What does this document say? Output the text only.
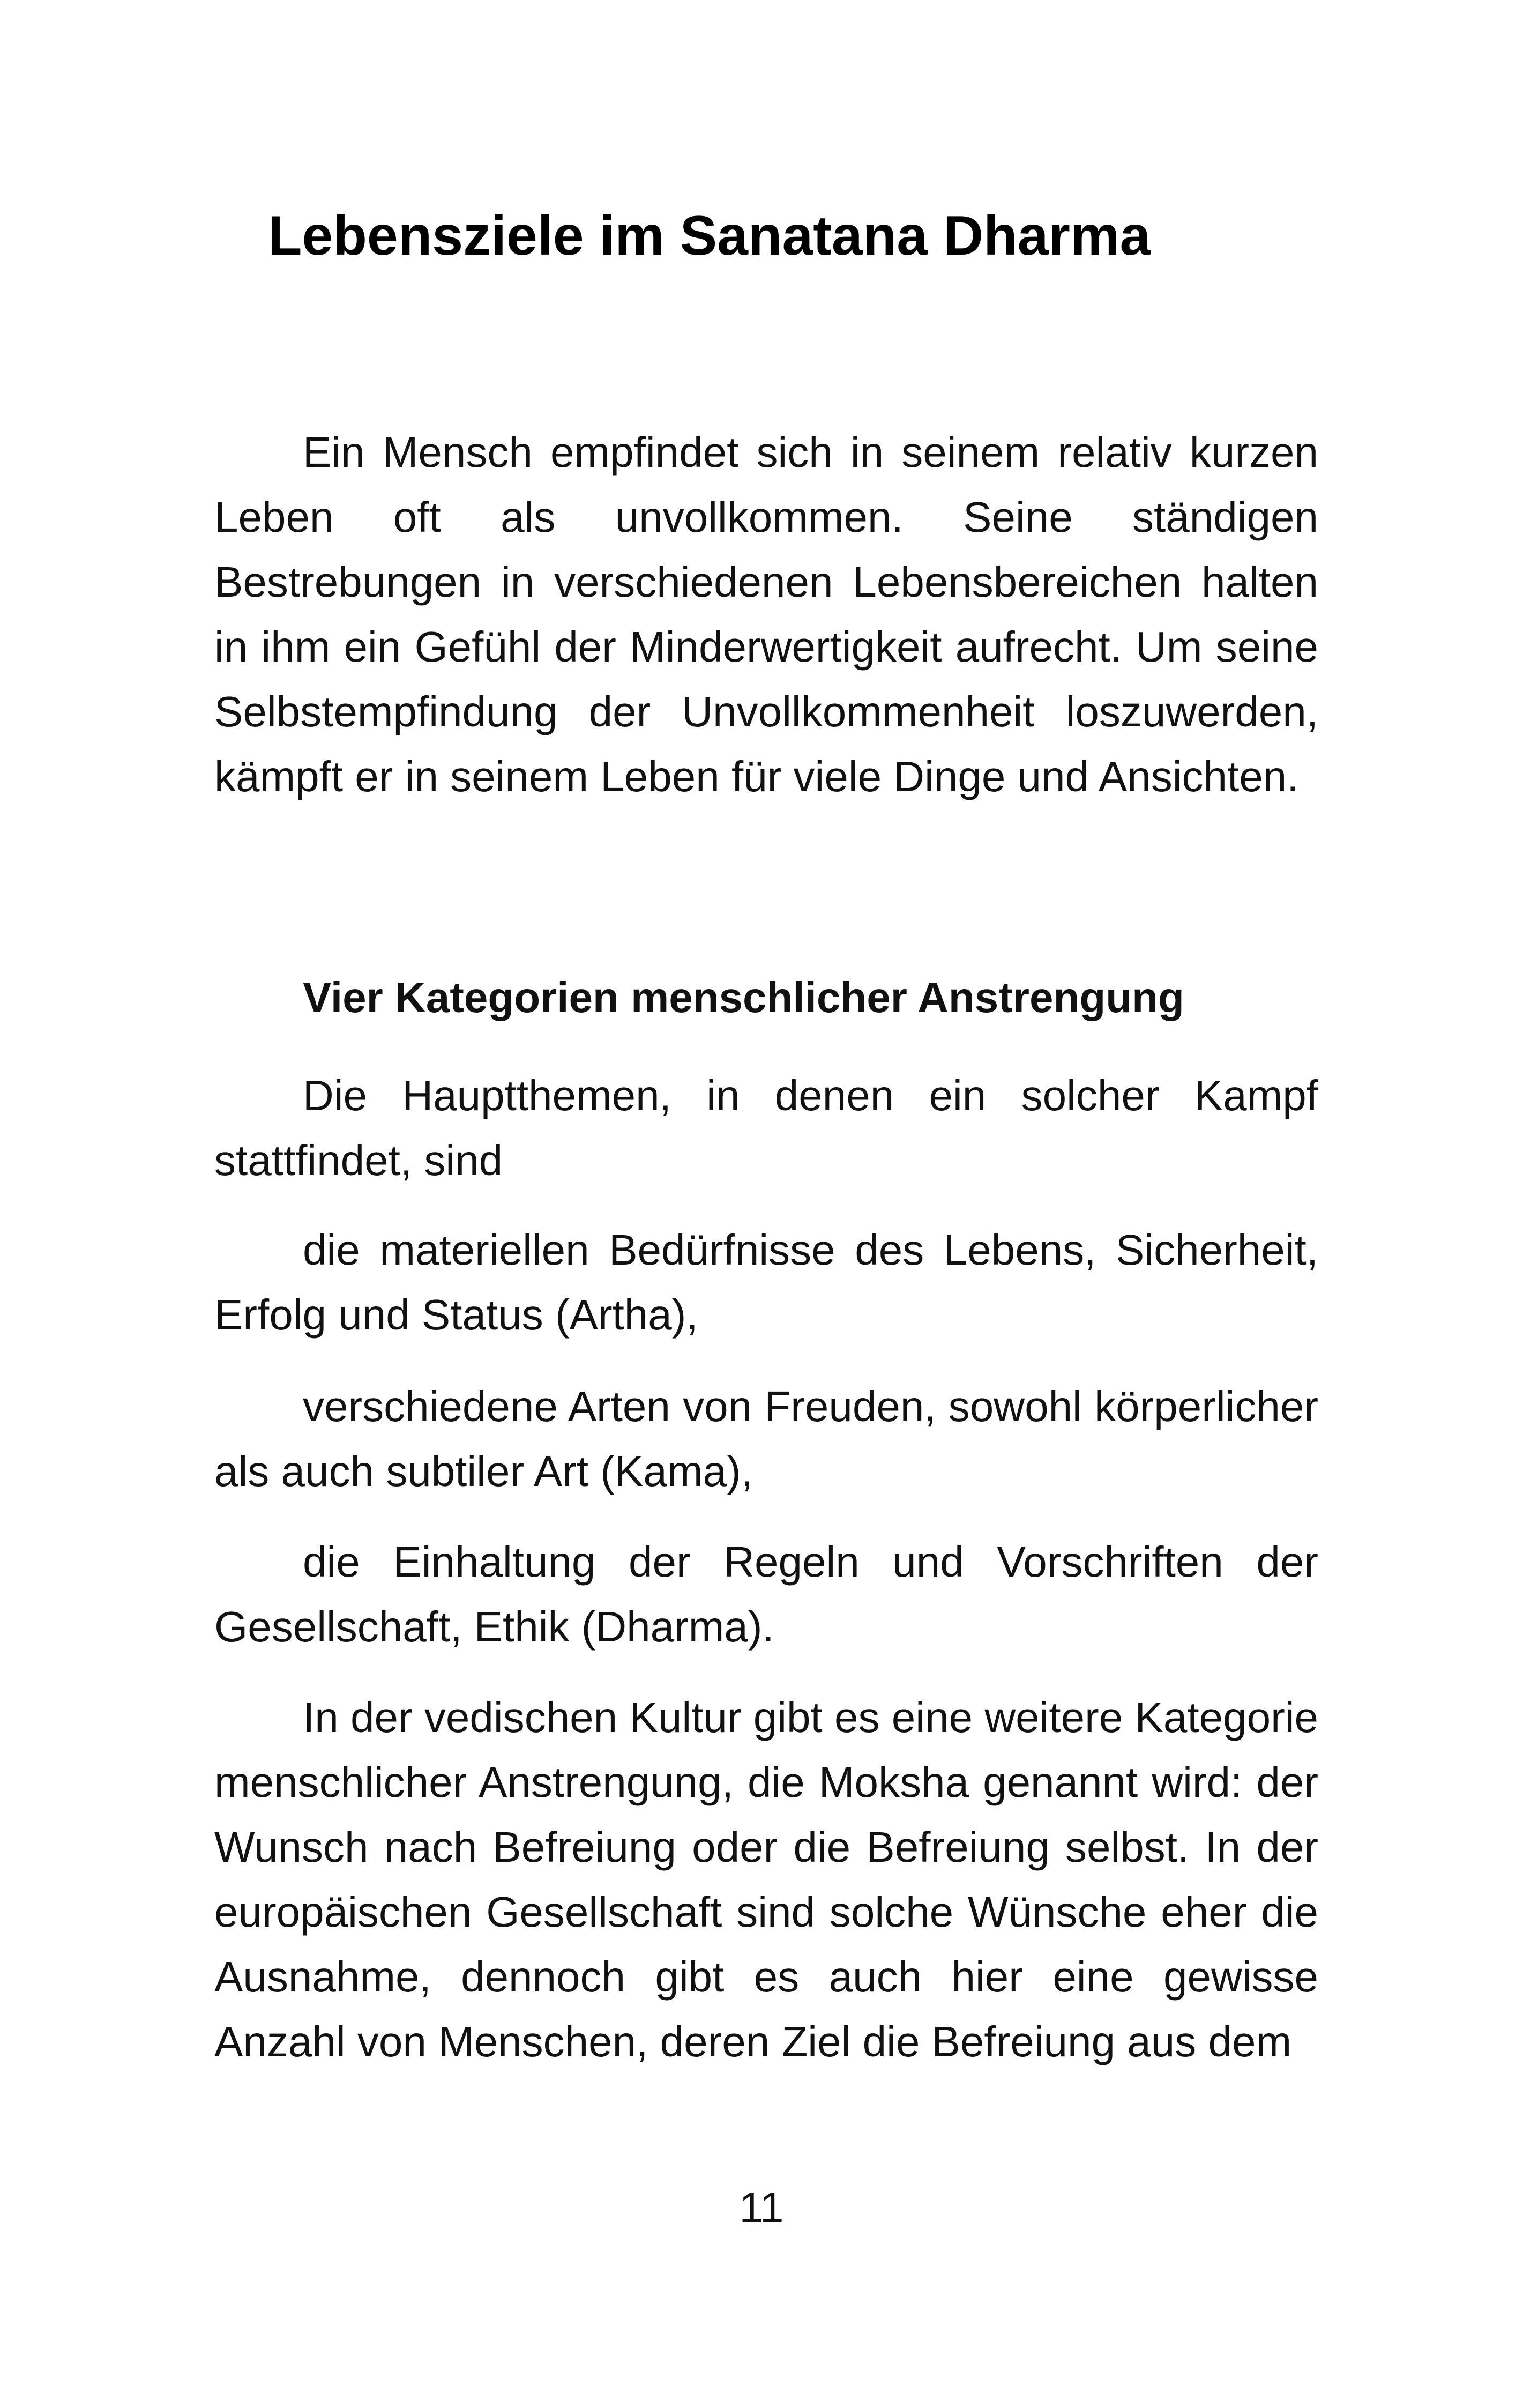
Lebensziele im Sanatana Dharma

Ein Mensch empfindet sich in seinem relativ kurzen Leben oft als unvollkommen. Seine ständigen Bestrebungen in verschiedenen Lebensbereichen halten in ihm ein Gefühl der Minderwertigkeit aufrecht. Um seine Selbstempfindung der Unvollkommenheit loszuwerden, kämpft er in seinem Leben für viele Dinge und Ansichten.

Vier Kategorien menschlicher Anstrengung

Die Hauptthemen, in denen ein solcher Kampf stattfindet, sind

die materiellen Bedürfnisse des Lebens, Sicherheit, Erfolg und Status (Artha),

verschiedene Arten von Freuden, sowohl körperlicher als auch subtiler Art (Kama),

die Einhaltung der Regeln und Vorschriften der Gesellschaft, Ethik (Dharma).

In der vedischen Kultur gibt es eine weitere Kategorie menschlicher Anstrengung, die Moksha genannt wird: der Wunsch nach Befreiung oder die Befreiung selbst. In der europäischen Gesellschaft sind solche Wünsche eher die Ausnahme, dennoch gibt es auch hier eine gewisse Anzahl von Menschen, deren Ziel die Befreiung aus dem

11
